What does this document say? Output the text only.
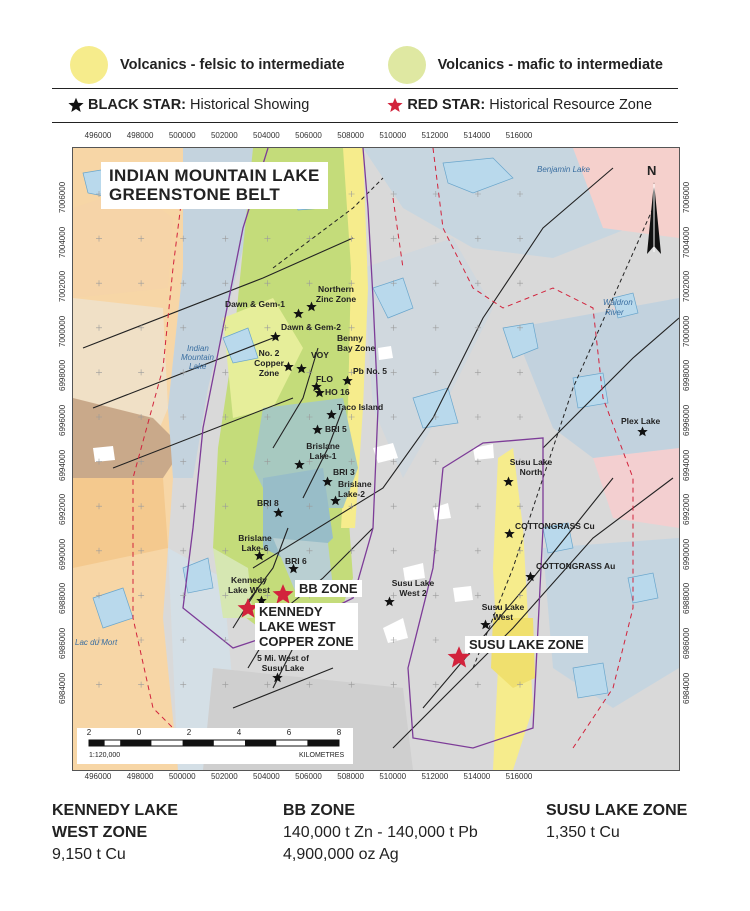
Volcanics - felsic to intermediate	Volcanics - mafic to intermediate
BLACK STAR: Historical Showing	RED STAR: Historical Resource Zone
496000 498000 500000 502000 504000 506000 508000 510000 512000 514000 516000
496000 498000 500000 502000 504000 506000 508000 510000 512000 514000 516000
7006000
7004000
7002000
7000000
6998000
6996000
6994000
6992000
6990000
6988000
6986000
6984000
7006000
7004000
7002000
7000000
6998000
6996000
6994000
6992000
6990000
6988000
6986000
6984000
N
INDIAN MOUNTAIN LAKE
GREENSTONE BELT
Benjamin Lake
Waldron
River
Indian
Mountain
Lake
Lac du Mort
Dawn & Gem-1
Northern
Zinc Zone
Dawn & Gem-2
Benny
Bay Zone
No. 2
Copper
Zone
VOY
FLO
Pb No. 5
HO 16
Taco Island
BRI 5
Brislane
Lake-1
BRI 3
Brislane
Lake-2
BRI 8
Brislane
Lake-6
BRI 6
Kennedy
Lake West
5 Mi. West of
Susu Lake
Susu Lake
North
COTTONGRASS Cu
COTTONGRASS Au
Susu Lake
West 2
Susu Lake
West
Plex Lake
BB ZONE
KENNEDY
LAKE WEST
COPPER ZONE	SUSU LAKE ZONE
2	0	2	4	6	8
1:120,000	KILOMETRES
KENNEDY LAKE
WEST ZONE
9,150 t Cu
BB ZONE
140,000 t Zn - 140,000 t Pb
4,900,000 oz Ag
SUSU LAKE ZONE
1,350 t Cu
